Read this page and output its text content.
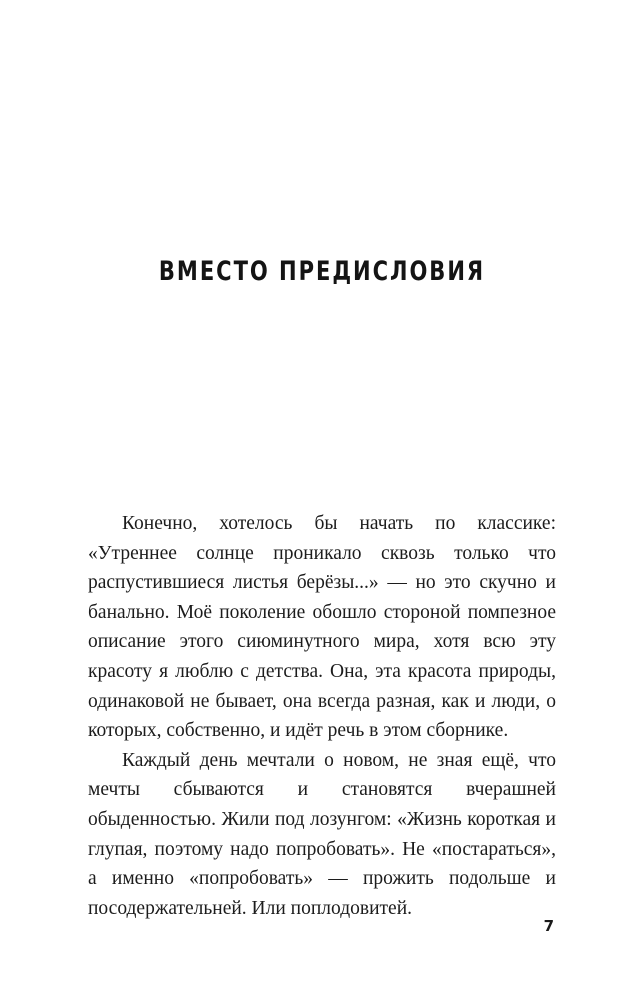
ВМЕСТО ПРЕДИСЛОВИЯ

Конечно, хотелось бы начать по классике: «Утреннее солнце проникало сквозь только что распустившиеся листья берёзы...» — но это скучно и банально. Моё поколение обошло стороной помпезное описание этого сиюминутного мира, хотя всю эту красоту я люблю с детства. Она, эта красота природы, одинаковой не бывает, она всегда разная, как и люди, о которых, собственно, и идёт речь в этом сборнике.

Каждый день мечтали о новом, не зная ещё, что мечты сбываются и становятся вчерашней обыденностью. Жили под лозунгом: «Жизнь короткая и глупая, поэтому надо попробовать». Не «постараться», а именно «попробовать» — прожить подольше и посодержательней. Или поплодовитей.

7
